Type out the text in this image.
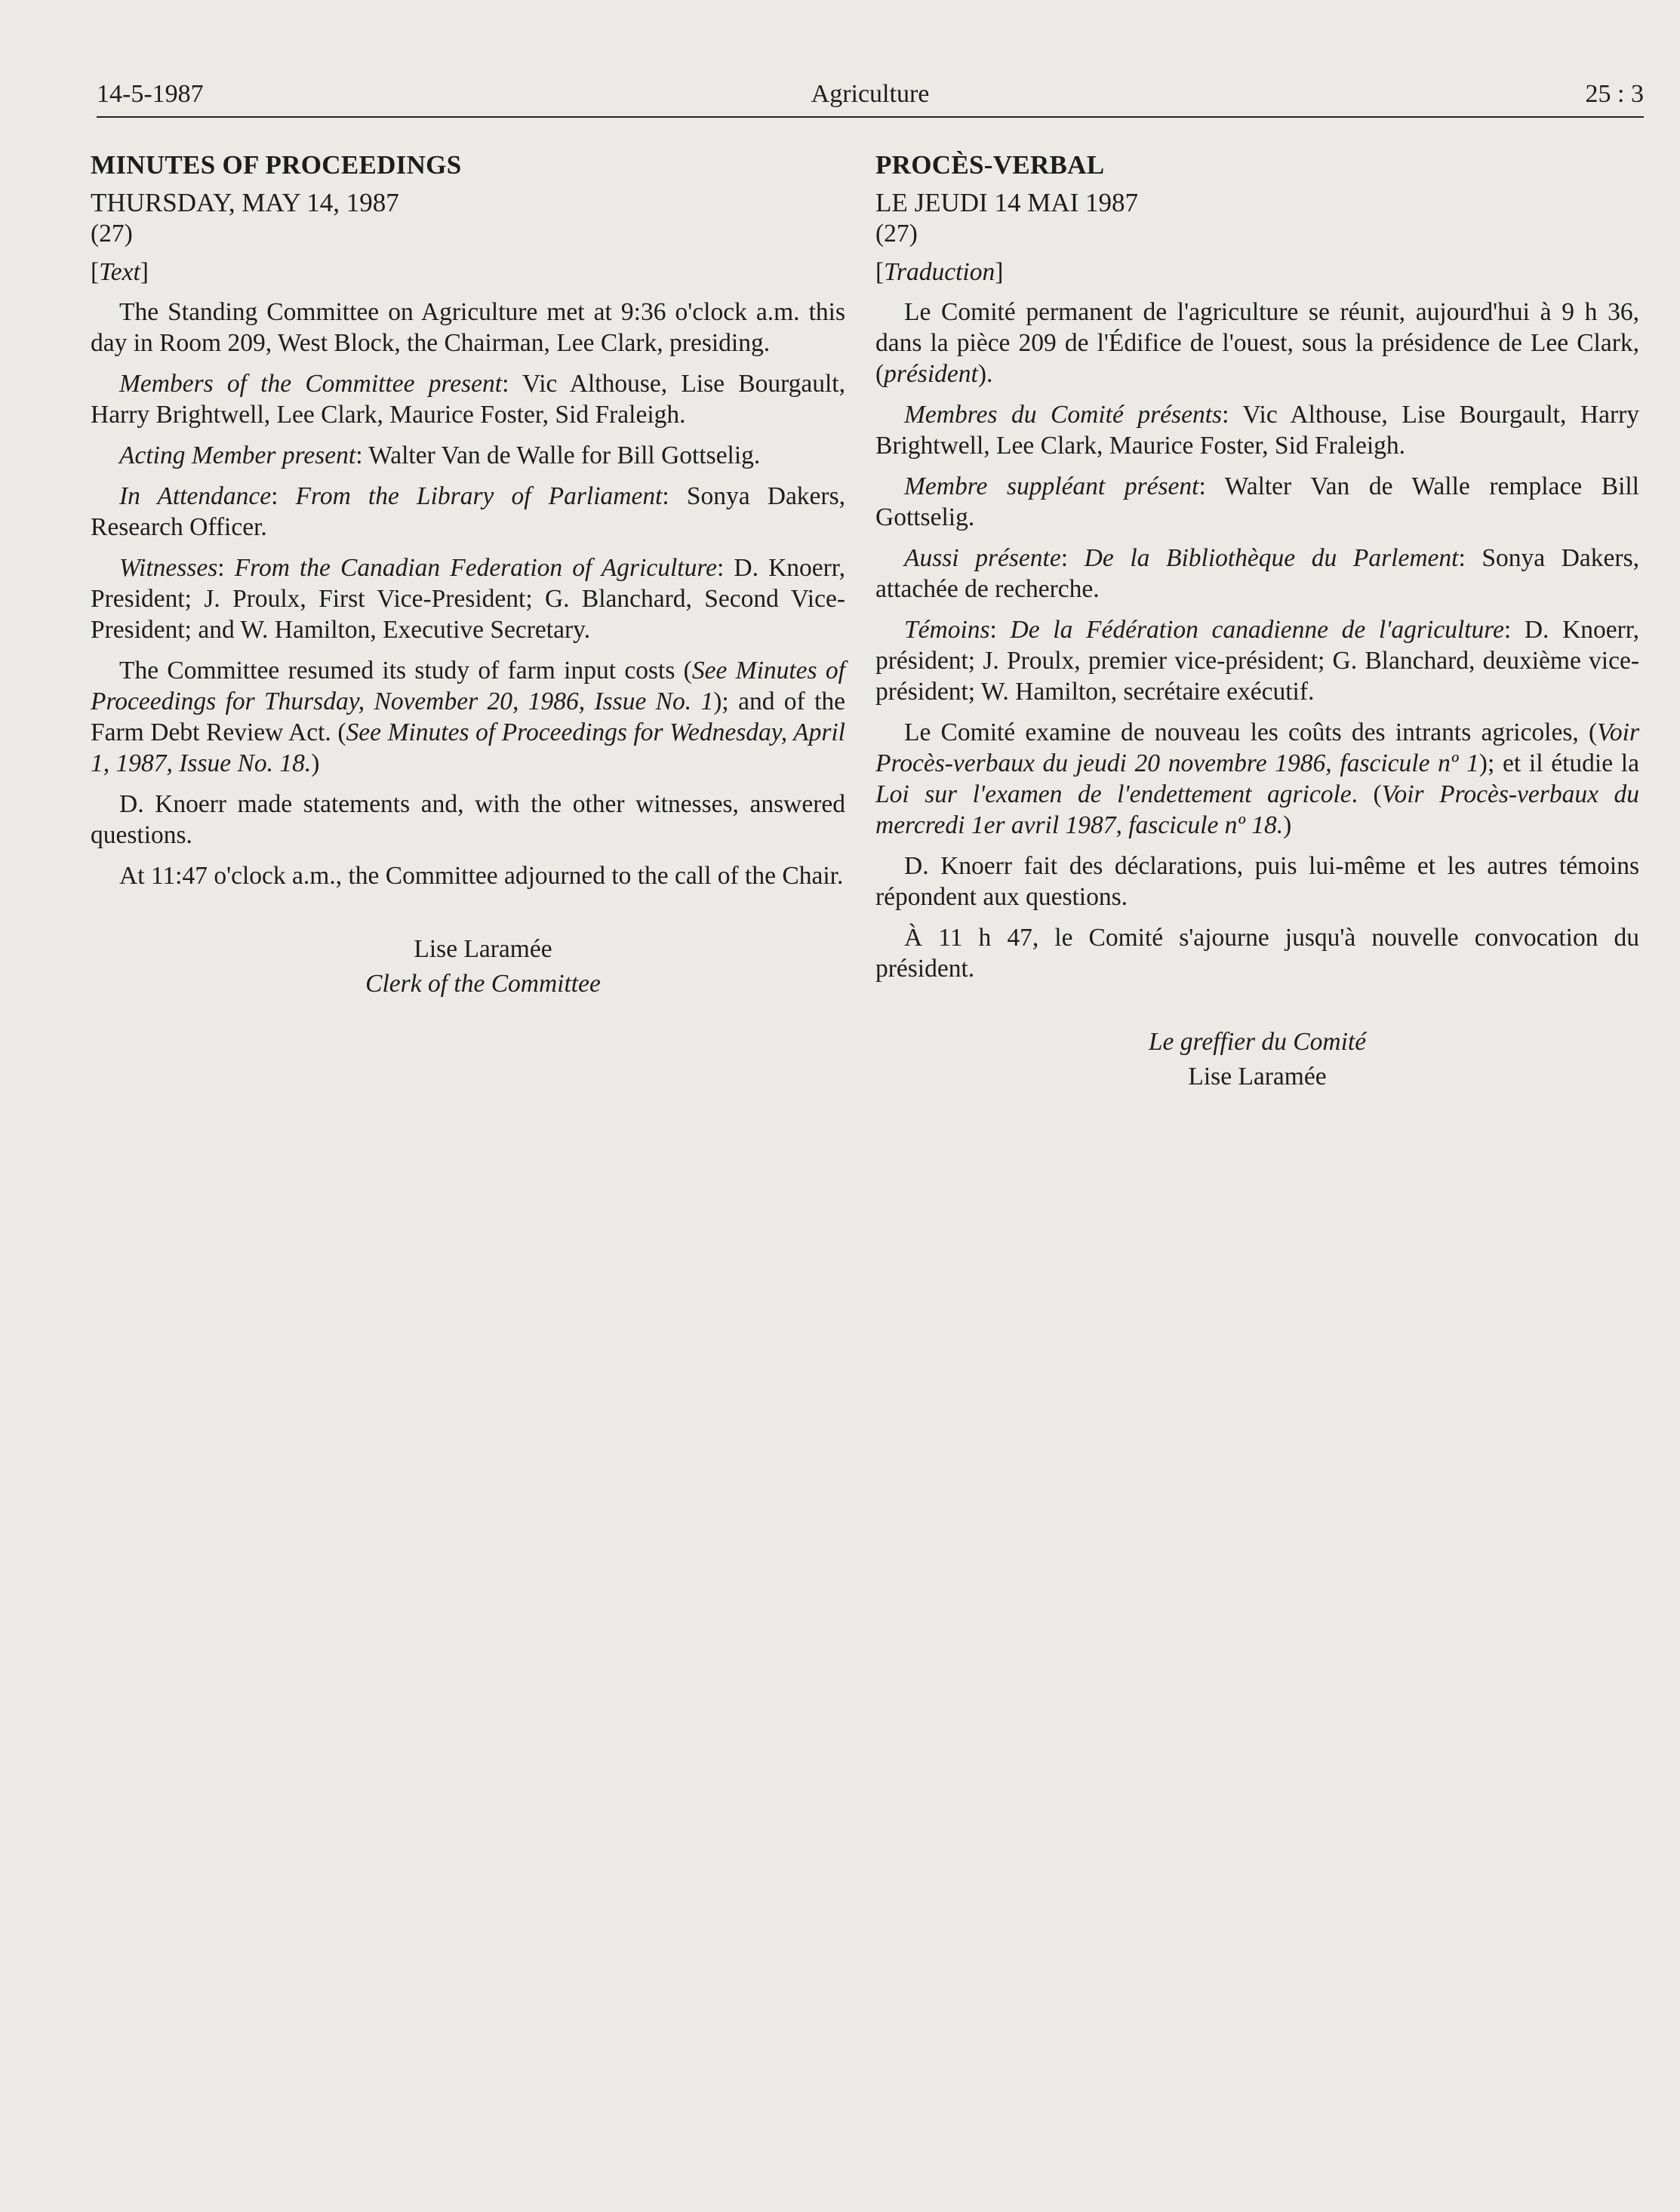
14-5-1987	Agriculture	25 : 3
MINUTES OF PROCEEDINGS
THURSDAY, MAY 14, 1987
(27)
[Text]

The Standing Committee on Agriculture met at 9:36 o'clock a.m. this day in Room 209, West Block, the Chairman, Lee Clark, presiding.

Members of the Committee present: Vic Althouse, Lise Bourgault, Harry Brightwell, Lee Clark, Maurice Foster, Sid Fraleigh.

Acting Member present: Walter Van de Walle for Bill Gottselig.

In Attendance: From the Library of Parliament: Sonya Dakers, Research Officer.

Witnesses: From the Canadian Federation of Agriculture: D. Knoerr, President; J. Proulx, First Vice-President; G. Blanchard, Second Vice-President; and W. Hamilton, Executive Secretary.

The Committee resumed its study of farm input costs (See Minutes of Proceedings for Thursday, November 20, 1986, Issue No. 1); and of the Farm Debt Review Act. (See Minutes of Proceedings for Wednesday, April 1, 1987, Issue No. 18.)

D. Knoerr made statements and, with the other witnesses, answered questions.

At 11:47 o'clock a.m., the Committee adjourned to the call of the Chair.

Lise Laramée
Clerk of the Committee
PROCÈS-VERBAL
LE JEUDI 14 MAI 1987
(27)
[Traduction]

Le Comité permanent de l'agriculture se réunit, aujourd'hui à 9 h 36, dans la pièce 209 de l'Édifice de l'ouest, sous la présidence de Lee Clark, (président).

Membres du Comité présents: Vic Althouse, Lise Bourgault, Harry Brightwell, Lee Clark, Maurice Foster, Sid Fraleigh.

Membre suppléant présent: Walter Van de Walle remplace Bill Gottselig.

Aussi présente: De la Bibliothèque du Parlement: Sonya Dakers, attachée de recherche.

Témoins: De la Fédération canadienne de l'agriculture: D. Knoerr, président; J. Proulx, premier vice-président; G. Blanchard, deuxième vice-président; W. Hamilton, secrétaire exécutif.

Le Comité examine de nouveau les coûts des intrants agricoles, (Voir Procès-verbaux du jeudi 20 novembre 1986, fascicule nº 1); et il étudie la Loi sur l'examen de l'endettement agricole. (Voir Procès-verbaux du mercredi 1er avril 1987, fascicule nº 18.)

D. Knoerr fait des déclarations, puis lui-même et les autres témoins répondent aux questions.

À 11 h 47, le Comité s'ajourne jusqu'à nouvelle convocation du président.

Le greffier du Comité
Lise Laramée
